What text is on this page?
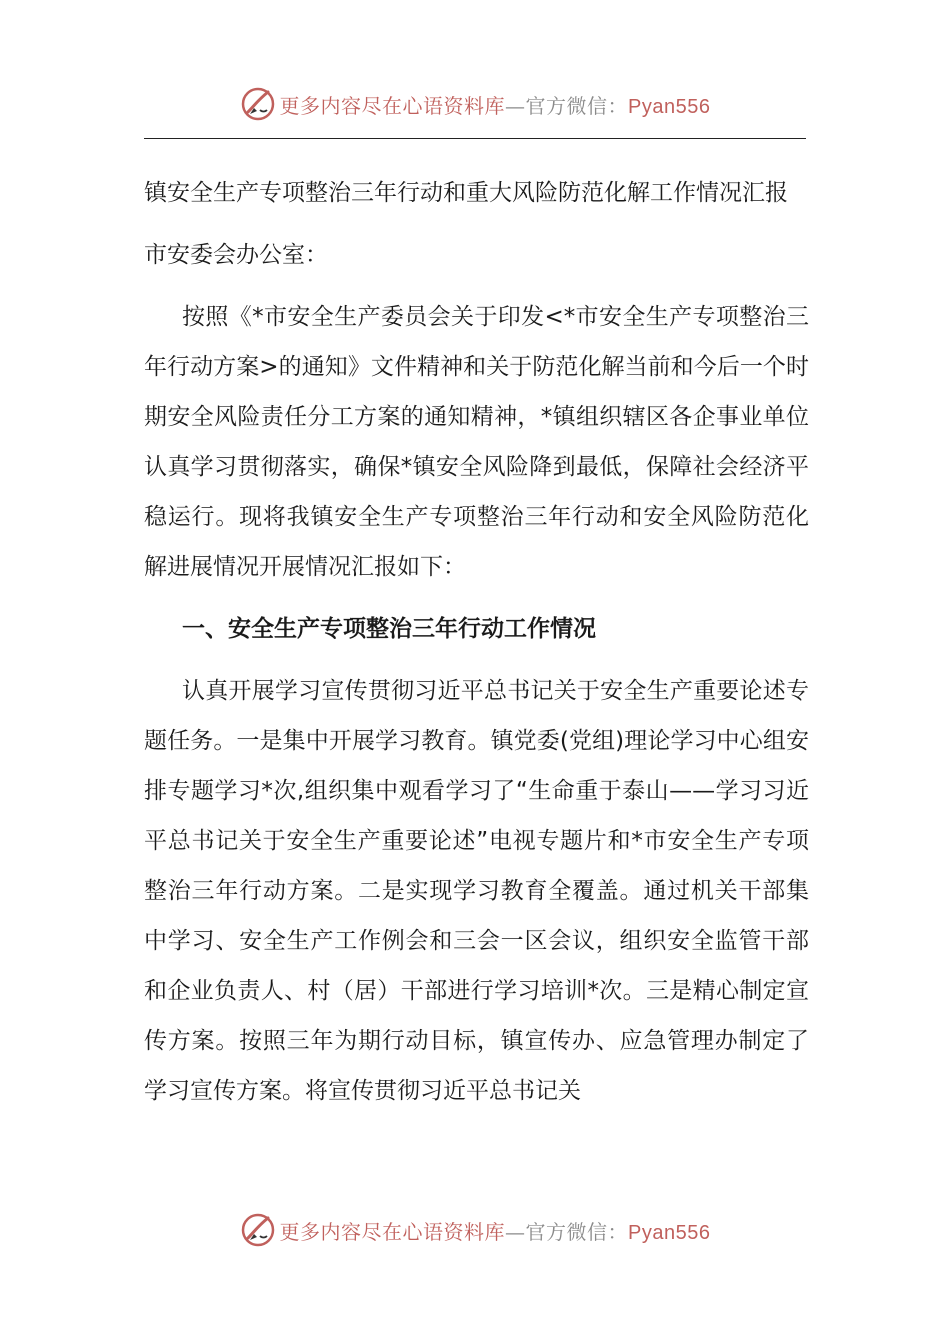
更多内容尽在心语资料库—官方微信：Pyan556

镇安全生产专项整治三年行动和重大风险防范化解工作情况汇报

市安委会办公室：

按照《*市安全生产委员会关于印发<*市安全生产专项整治三年行动方案>的通知》文件精神和关于防范化解当前和今后一个时期安全风险责任分工方案的通知精神，*镇组织辖区各企事业单位认真学习贯彻落实，确保*镇安全风险降到最低，保障社会经济平稳运行。现将我镇安全生产专项整治三年行动和安全风险防范化解进展情况开展情况汇报如下：

一、安全生产专项整治三年行动工作情况

认真开展学习宣传贯彻习近平总书记关于安全生产重要论述专题任务。一是集中开展学习教育。镇党委(党组)理论学习中心组安排专题学习*次,组织集中观看学习了“生命重于泰山——学习习近平总书记关于安全生产重要论述”电视专题片和*市安全生产专项整治三年行动方案。二是实现学习教育全覆盖。通过机关干部集中学习、安全生产工作例会和三会一区会议，组织安全监管干部和企业负责人、村（居）干部进行学习培训*次。三是精心制定宣传方案。按照三年为期行动目标，镇宣传办、应急管理办制定了学习宣传方案。将宣传贯彻习近平总书记关

更多内容尽在心语资料库—官方微信：Pyan556
